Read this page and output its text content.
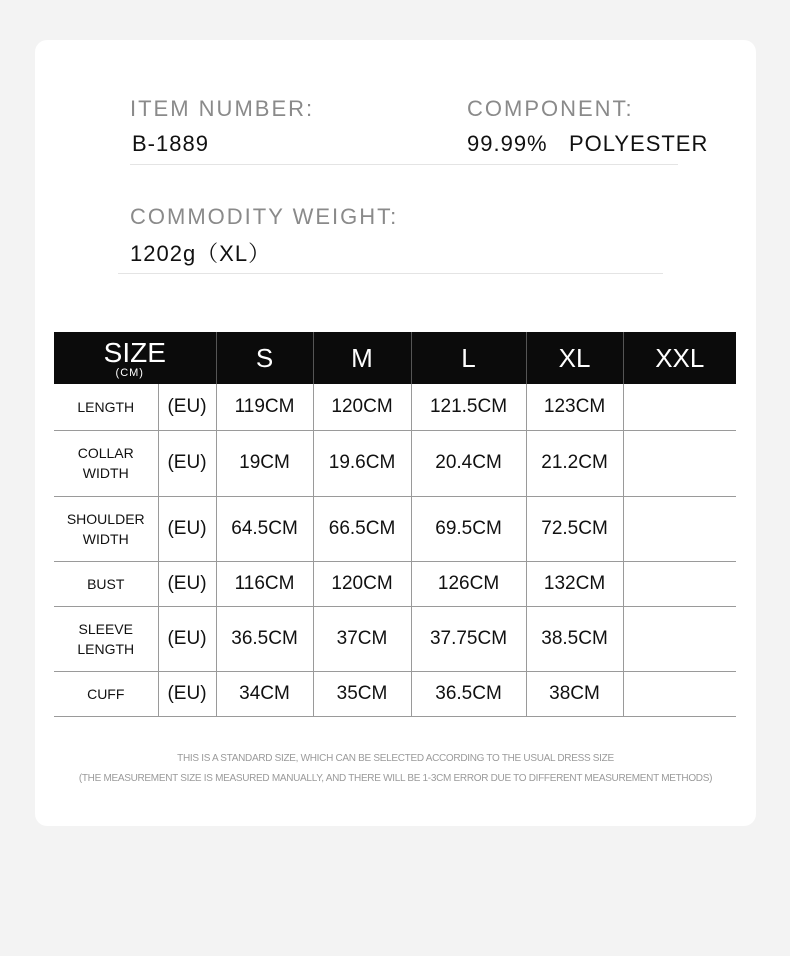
ITEM NUMBER:
B-1889
COMPONENT:
99.99%   POLYESTER
COMMODITY WEIGHT:
1202g（XL）
SIZE
(CM)		S	M	L	XL	XXL
LENGTH	(EU)	119CM	120CM	121.5CM	123CM	
COLLAR
WIDTH	(EU)	19CM	19.6CM	20.4CM	21.2CM	
SHOULDER
WIDTH	(EU)	64.5CM	66.5CM	69.5CM	72.5CM	
BUST	(EU)	116CM	120CM	126CM	132CM	
SLEEVE
LENGTH	(EU)	36.5CM	37CM	37.75CM	38.5CM	
CUFF	(EU)	34CM	35CM	36.5CM	38CM	
THIS IS A STANDARD SIZE, WHICH CAN BE SELECTED ACCORDING TO THE USUAL DRESS SIZE
(THE MEASUREMENT SIZE IS MEASURED MANUALLY, AND THERE WILL BE 1-3CM ERROR DUE TO DIFFERENT MEASUREMENT METHODS)
